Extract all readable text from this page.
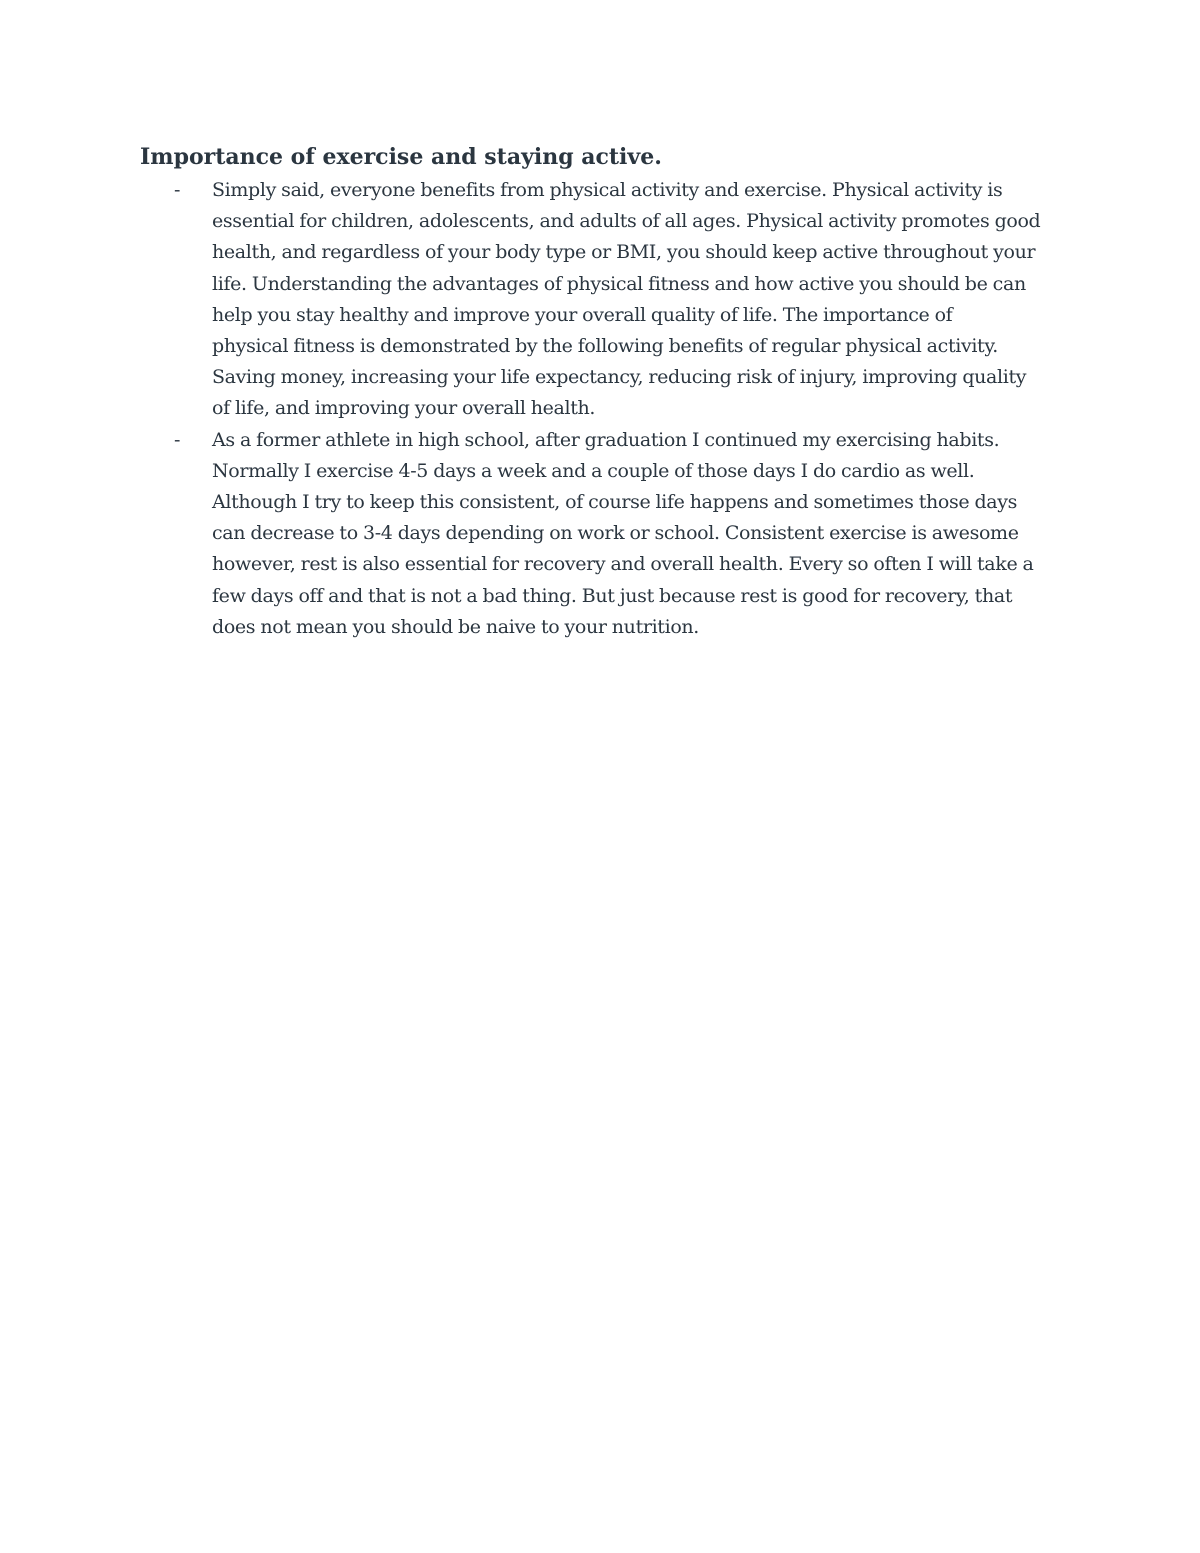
Importance of exercise and staying active.
- Simply said, everyone benefits from physical activity and exercise. Physical activity is
essential for children, adolescents, and adults of all ages. Physical activity promotes good
health, and regardless of your body type or BMI, you should keep active throughout your
life. Understanding the advantages of physical fitness and how active you should be can
help you stay healthy and improve your overall quality of life. The importance of
physical fitness is demonstrated by the following benefits of regular physical activity.
Saving money, increasing your life expectancy, reducing risk of injury, improving quality
of life, and improving your overall health.
- As a former athlete in high school, after graduation I continued my exercising habits.
Normally I exercise 4-5 days a week and a couple of those days I do cardio as well.
Although I try to keep this consistent, of course life happens and sometimes those days
can decrease to 3-4 days depending on work or school. Consistent exercise is awesome
however, rest is also essential for recovery and overall health. Every so often I will take a
few days off and that is not a bad thing. But just because rest is good for recovery, that
does not mean you should be naive to your nutrition.
